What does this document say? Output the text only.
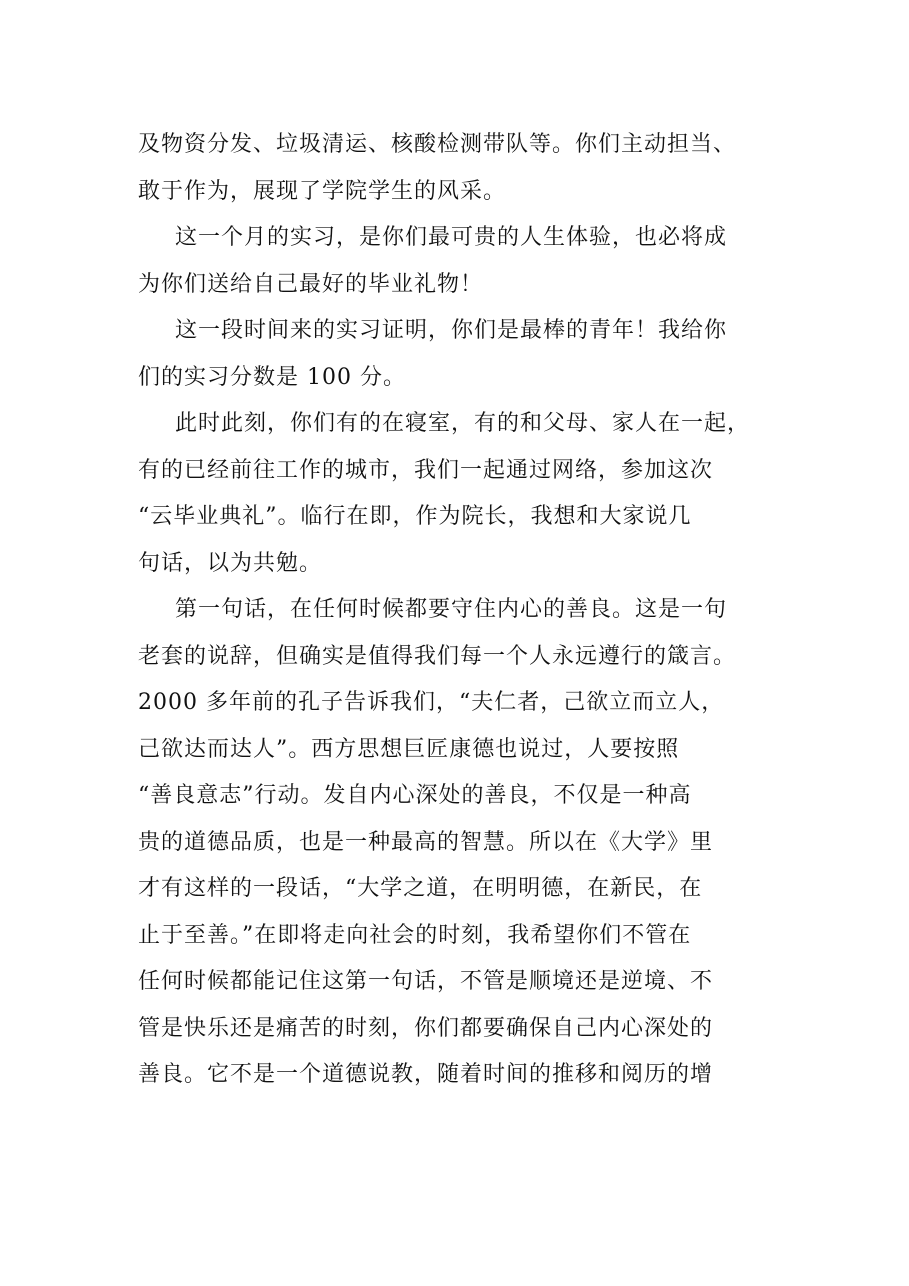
及物资分发、垃圾清运、核酸检测带队等。你们主动担当、
敢于作为，展现了学院学生的风采。
这一个月的实习，是你们最可贵的人生体验，也必将成
为你们送给自己最好的毕业礼物！
这一段时间来的实习证明，你们是最棒的青年！我给你
们的实习分数是 100 分。
此时此刻，你们有的在寝室，有的和父母、家人在一起，
有的已经前往工作的城市，我们一起通过网络，参加这次
“云毕业典礼”。临行在即，作为院长，我想和大家说几
句话，以为共勉。
第一句话，在任何时候都要守住内心的善良。这是一句
老套的说辞，但确实是值得我们每一个人永远遵行的箴言。
2000 多年前的孔子告诉我们，“夫仁者，己欲立而立人，
己欲达而达人”。西方思想巨匠康德也说过，人要按照
“善良意志”行动。发自内心深处的善良，不仅是一种高
贵的道德品质，也是一种最高的智慧。所以在《大学》里
才有这样的一段话，“大学之道，在明明德，在新民，在
止于至善。”在即将走向社会的时刻，我希望你们不管在
任何时候都能记住这第一句话，不管是顺境还是逆境、不
管是快乐还是痛苦的时刻，你们都要确保自己内心深处的
善良。它不是一个道德说教，随着时间的推移和阅历的增
